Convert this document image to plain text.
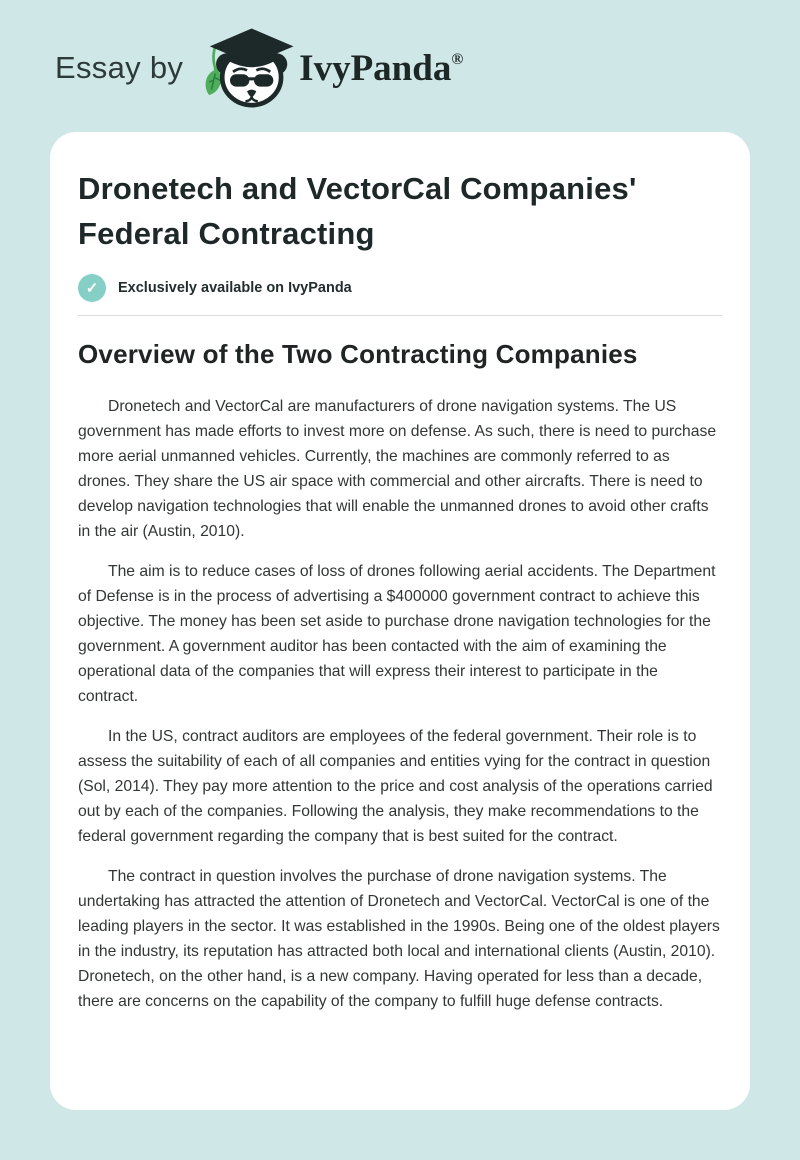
Essay by	IvyPanda®
Dronetech and VectorCal Companies' Federal Contracting
✓	Exclusively available on IvyPanda
Overview of the Two Contracting Companies

Dronetech and VectorCal are manufacturers of drone navigation systems. The US government has made efforts to invest more on defense. As such, there is need to purchase more aerial unmanned vehicles. Currently, the machines are commonly referred to as drones. They share the US air space with commercial and other aircrafts. There is need to develop navigation technologies that will enable the unmanned drones to avoid other crafts in the air (Austin, 2010).

The aim is to reduce cases of loss of drones following aerial accidents. The Department of Defense is in the process of advertising a $400000 government contract to achieve this objective. The money has been set aside to purchase drone navigation technologies for the government. A government auditor has been contacted with the aim of examining the operational data of the companies that will express their interest to participate in the contract.

In the US, contract auditors are employees of the federal government. Their role is to assess the suitability of each of all companies and entities vying for the contract in question (Sol, 2014). They pay more attention to the price and cost analysis of the operations carried out by each of the companies. Following the analysis, they make recommendations to the federal government regarding the company that is best suited for the contract.

The contract in question involves the purchase of drone navigation systems. The undertaking has attracted the attention of Dronetech and VectorCal. VectorCal is one of the leading players in the sector. It was established in the 1990s. Being one of the oldest players in the industry, its reputation has attracted both local and international clients (Austin, 2010). Dronetech, on the other hand, is a new company. Having operated for less than a decade, there are concerns on the capability of the company to fulfill huge defense contracts.
